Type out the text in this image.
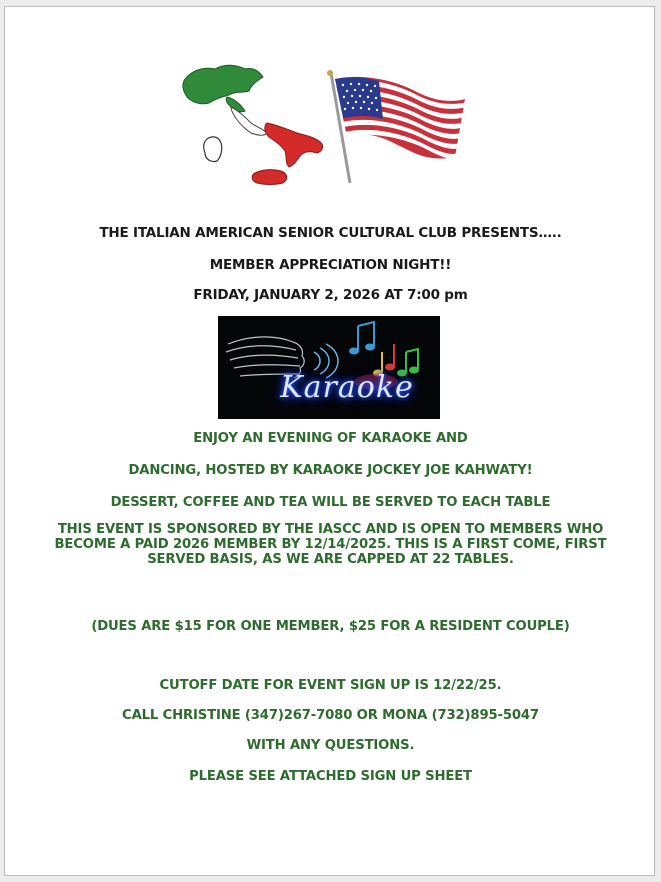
THE ITALIAN AMERICAN SENIOR CULTURAL CLUB PRESENTS…..
MEMBER APPRECIATION NIGHT!!
FRIDAY, JANUARY 2, 2026 AT 7:00 pm
Karaoke
ENJOY AN EVENING OF KARAOKE AND
DANCING, HOSTED BY KARAOKE JOCKEY JOE KAHWATY!
DESSERT, COFFEE AND TEA WILL BE SERVED TO EACH TABLE
THIS EVENT IS SPONSORED BY THE IASCC AND IS OPEN TO MEMBERS WHO BECOME A PAID 2026 MEMBER BY 12/14/2025. THIS IS A FIRST COME, FIRST SERVED BASIS, AS WE ARE CAPPED AT 22 TABLES.
(DUES ARE $15 FOR ONE MEMBER, $25 FOR A RESIDENT COUPLE)
CUTOFF DATE FOR EVENT SIGN UP IS 12/22/25.
CALL CHRISTINE (347)267-7080 OR MONA (732)895-5047
WITH ANY QUESTIONS.
PLEASE SEE ATTACHED SIGN UP SHEET
